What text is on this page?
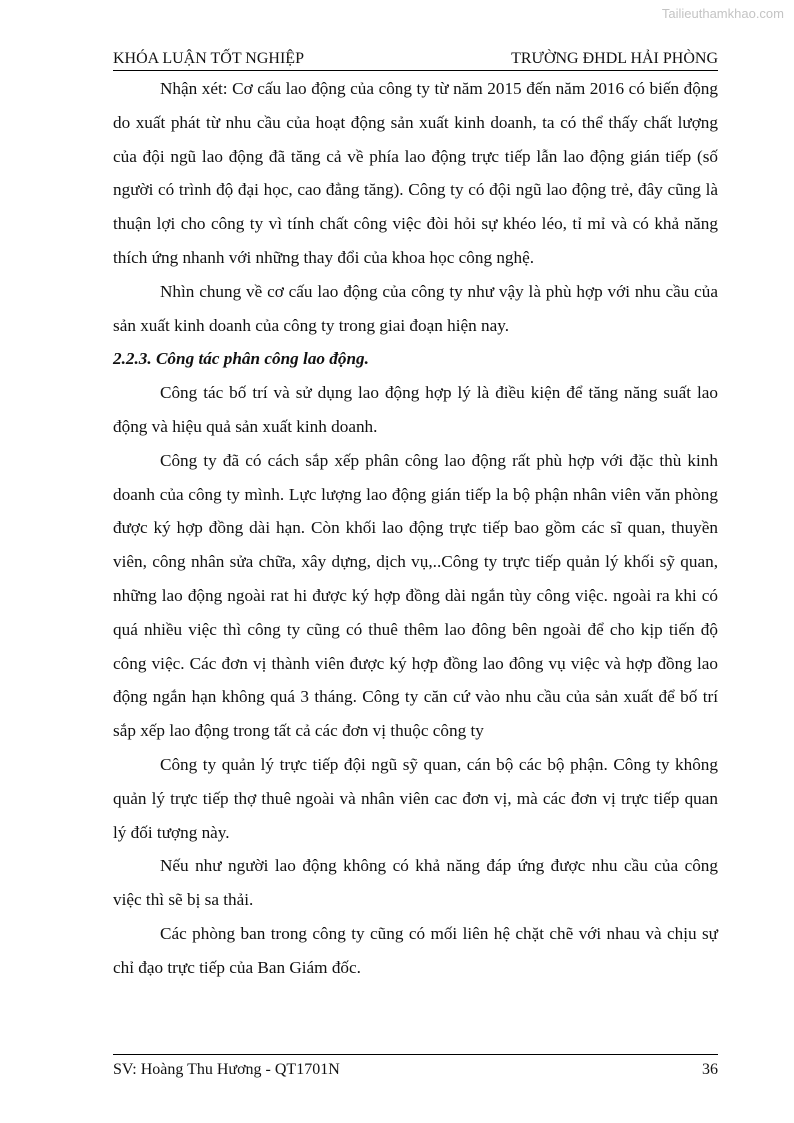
Tailieuthamkhao.com
KHÓA LUẬN TỐT NGHIỆP	TRƯỜNG ĐHDL HẢI PHÒNG

Nhận xét: Cơ cấu lao động của công ty từ năm 2015 đến năm 2016 có biến động do xuất phát từ nhu cầu của hoạt động sản xuất kinh doanh, ta có thể thấy chất lượng của đội ngũ lao động đã tăng cả về phía lao động trực tiếp lẫn lao động gián tiếp (số người có trình độ đại học, cao đẳng tăng). Công ty có đội ngũ lao động trẻ, đây cũng là thuận lợi cho công ty vì tính chất công việc đòi hỏi sự khéo léo, tỉ mỉ và có khả năng thích ứng nhanh với những thay đổi của khoa học công nghệ.

Nhìn chung về cơ cấu lao động của công ty như vậy là phù hợp với nhu cầu của sản xuất kinh doanh của công ty trong giai đoạn hiện nay.

2.2.3. Công tác phân công lao động.

Công tác bố trí và sử dụng lao động hợp lý là điều kiện để tăng năng suất lao động và hiệu quả sản xuất kinh doanh.

Công ty đã có cách sắp xếp phân công lao động rất phù hợp với đặc thù kinh doanh của công ty mình. Lực lượng lao động gián tiếp la bộ phận nhân viên văn phòng được ký hợp đồng dài hạn. Còn khối lao động trực tiếp bao gồm các sĩ quan, thuyền viên, công nhân sửa chữa, xây dựng, dịch vụ,..Công ty trực tiếp quản lý khối sỹ quan, những lao động ngoài rat hi được ký hợp đồng dài ngắn tùy công việc. ngoài ra khi có quá nhiều việc thì công ty cũng có thuê thêm lao đông bên ngoài để cho kịp tiến độ công việc. Các đơn vị thành viên được ký hợp đồng lao đông vụ việc và hợp đồng lao động ngắn hạn không quá 3 tháng. Công ty căn cứ vào nhu cầu của sản xuất để bố trí sắp xếp lao động trong tất cả các đơn vị thuộc công ty

Công ty quản lý trực tiếp đội ngũ sỹ quan, cán bộ các bộ phận. Công ty không quản lý trực tiếp thợ thuê ngoài và nhân viên cac đơn vị, mà các đơn vị trực tiếp quan lý đối tượng này.

Nếu như người lao động không có khả năng đáp ứng được nhu cầu của công việc thì sẽ bị sa thải.

Các phòng ban trong công ty cũng có mối liên hệ chặt chẽ với nhau và chịu sự chỉ đạo trực tiếp của Ban Giám đốc.

SV: Hoàng Thu Hương - QT1701N	36
